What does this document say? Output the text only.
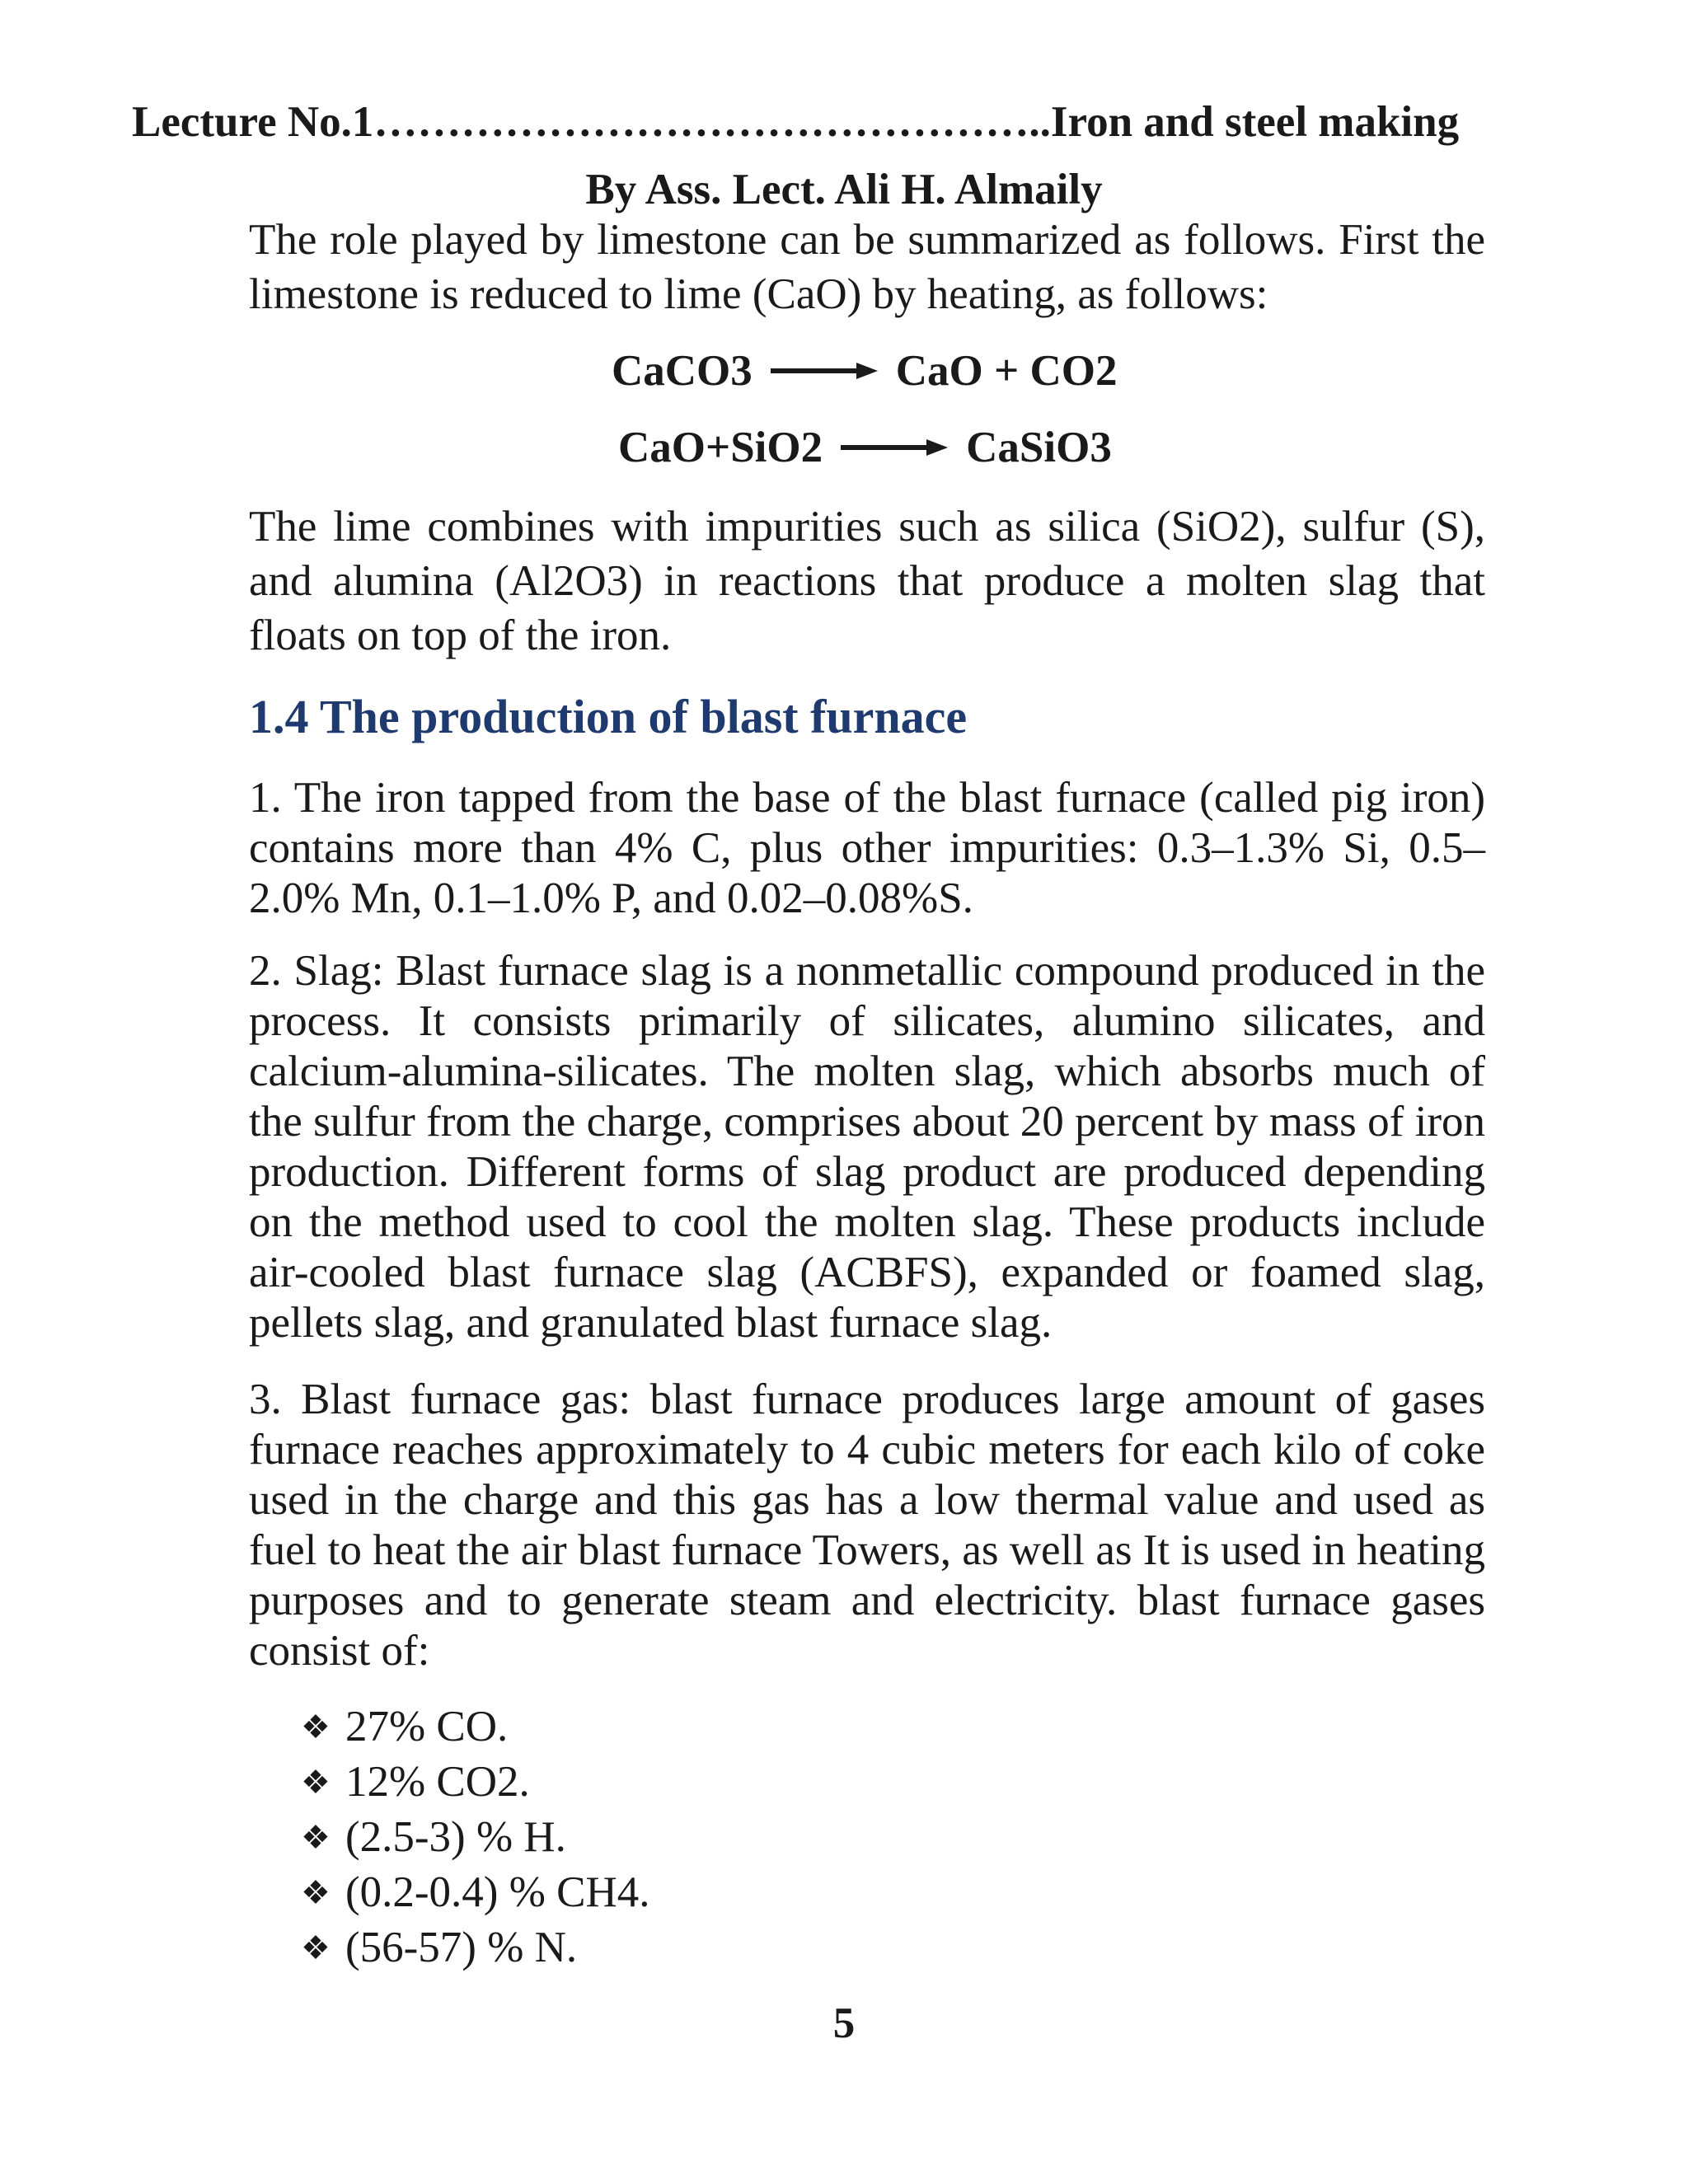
Lecture No.1………………………………………..Iron and steel making
By Ass. Lect. Ali H. Almaily
The role played by limestone can be summarized as follows. First the limestone is reduced to lime (CaO) by heating, as follows:
CaCO3 → CaO + CO2
CaO+SiO2 → CaSiO3
The lime combines with impurities such as silica (SiO2), sulfur (S), and alumina (Al2O3) in reactions that produce a molten slag that floats on top of the iron.
1.4 The production of blast furnace
1. The iron tapped from the base of the blast furnace (called pig iron) contains more than 4% C, plus other impurities: 0.3–1.3% Si, 0.5–2.0% Mn, 0.1–1.0% P, and 0.02–0.08%S.
2. Slag: Blast furnace slag is a nonmetallic compound produced in the process. It consists primarily of silicates, alumino silicates, and calcium-alumina-silicates. The molten slag, which absorbs much of the sulfur from the charge, comprises about 20 percent by mass of iron production. Different forms of slag product are produced depending on the method used to cool the molten slag. These products include air-cooled blast furnace slag (ACBFS), expanded or foamed slag, pellets slag, and granulated blast furnace slag.
3. Blast furnace gas: blast furnace produces large amount of gases furnace reaches approximately to 4 cubic meters for each kilo of coke used in the charge and this gas has a low thermal value and used as fuel to heat the air blast furnace Towers, as well as It is used in heating purposes and to generate steam and electricity. blast furnace gases consist of:
❖ 27% CO.
❖ 12% CO2.
❖ (2.5-3) % H.
❖ (0.2-0.4) % CH4.
❖ (56-57) % N.
5
